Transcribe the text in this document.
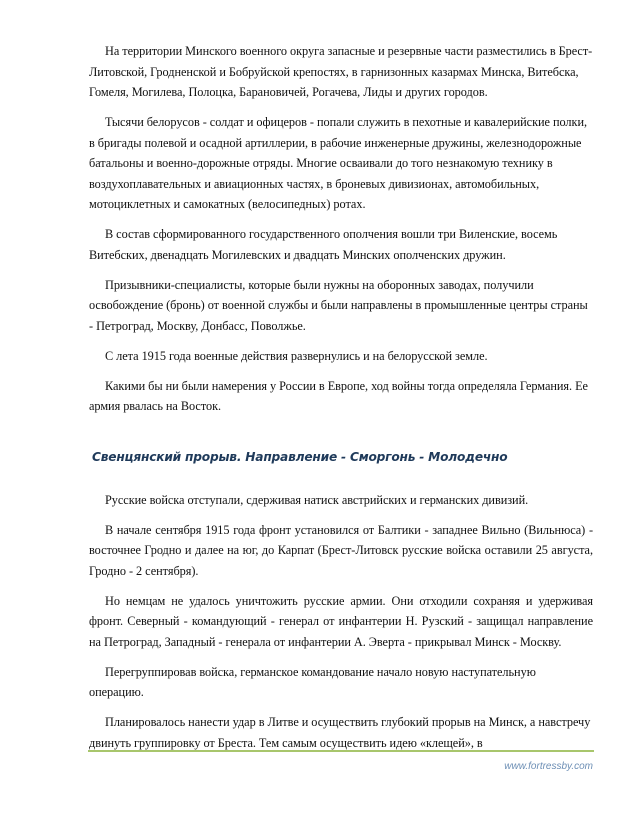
На территории Минского военного округа запасные и резервные части разместились в Брест-Литовской, Гродненской и Бобруйской крепостях, в гарнизонных казармах Минска, Витебска, Гомеля, Могилева, Полоцка, Барановичей, Рогачева, Лиды и других городов.

Тысячи белорусов - солдат и офицеров - попали служить в пехотные и кавалерийские полки, в бригады полевой и осадной артиллерии, в рабочие инженерные дружины, железнодорожные батальоны и военно-дорожные отряды. Многие осваивали до того незнакомую технику в воздухоплавательных и авиационных частях, в броневых дивизионах, автомобильных, мотоциклетных и самокатных (велосипедных) ротах.

В состав сформированного государственного ополчения вошли три Виленские, восемь Витебских, двенадцать Могилевских и двадцать Минских ополченских дружин.

Призывники-специалисты, которые были нужны на оборонных заводах, получили освобождение (бронь) от военной службы и были направлены в промышленные центры страны - Петроград, Москву, Донбасс, Поволжье.

С лета 1915 года военные действия развернулись и на белорусской земле.

Какими бы ни были намерения у России в Европе, ход войны тогда определяла Германия. Ее армия рвалась на Восток.

Свенцянский прорыв. Направление - Сморгонь - Молодечно

Русские войска отступали, сдерживая натиск австрийских и германских дивизий.

В начале сентября 1915 года фронт установился от Балтики - западнее Вильно (Вильнюса) - восточнее Гродно и далее на юг, до Карпат (Брест-Литовск русские войска оставили 25 августа, Гродно - 2 сентября).

Но немцам не удалось уничтожить русские армии. Они отходили сохраняя и удерживая фронт. Северный - командующий - генерал от инфантерии Н. Рузский - защищал направление на Петроград, Западный - генерала от инфантерии А. Эверта - прикрывал Минск - Москву.

Перегруппировав войска, германское командование начало новую наступательную операцию.

Планировалось нанести удар в Литве и осуществить глубокий прорыв на Минск, а навстречу двинуть группировку от Бреста. Тем самым осуществить идею «клещей», в

www.fortressby.com
